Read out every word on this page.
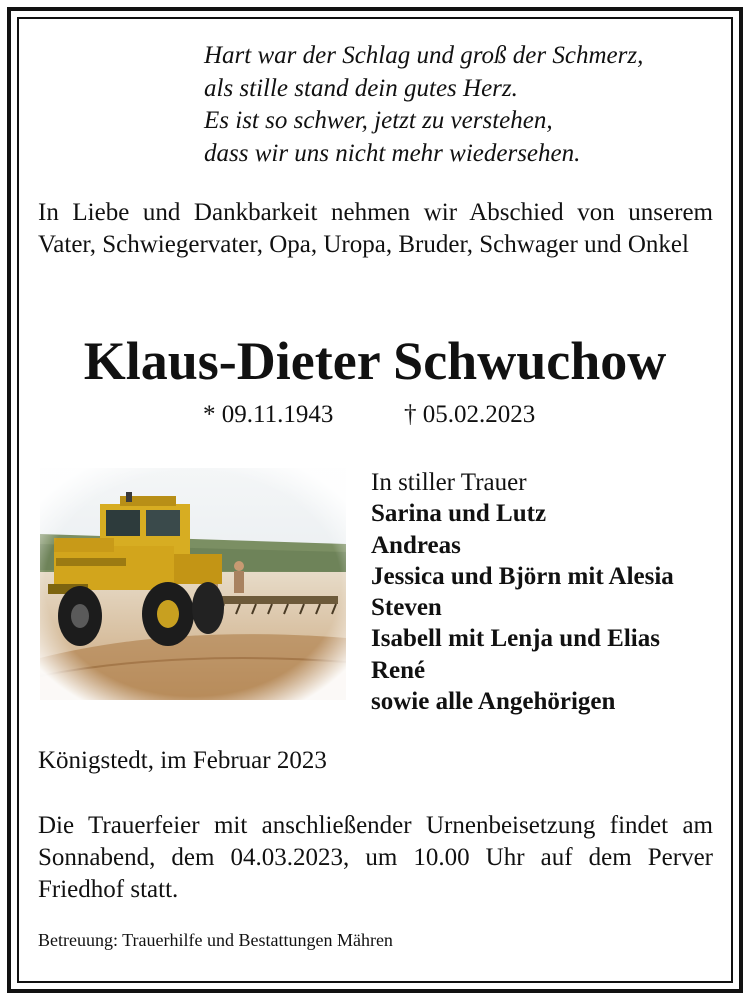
Hart war der Schlag und groß der Schmerz,
als stille stand dein gutes Herz.
Es ist so schwer, jetzt zu verstehen,
dass wir uns nicht mehr wiedersehen.
In Liebe und Dankbarkeit nehmen wir Abschied von unserem Vater, Schwiegervater, Opa, Uropa, Bruder, Schwager und Onkel
Klaus-Dieter Schwuchow
* 09.11.1943	† 05.02.2023
In stiller Trauer
Sarina und Lutz
Andreas
Jessica und Björn mit Alesia
Steven
Isabell mit Lenja und Elias
René
sowie alle Angehörigen
Königstedt, im Februar 2023
Die Trauerfeier mit anschließender Urnenbeisetzung findet am Sonnabend, dem 04.03.2023, um 10.00 Uhr auf dem Perver Friedhof statt.
Betreuung: Trauerhilfe und Bestattungen Mähren
